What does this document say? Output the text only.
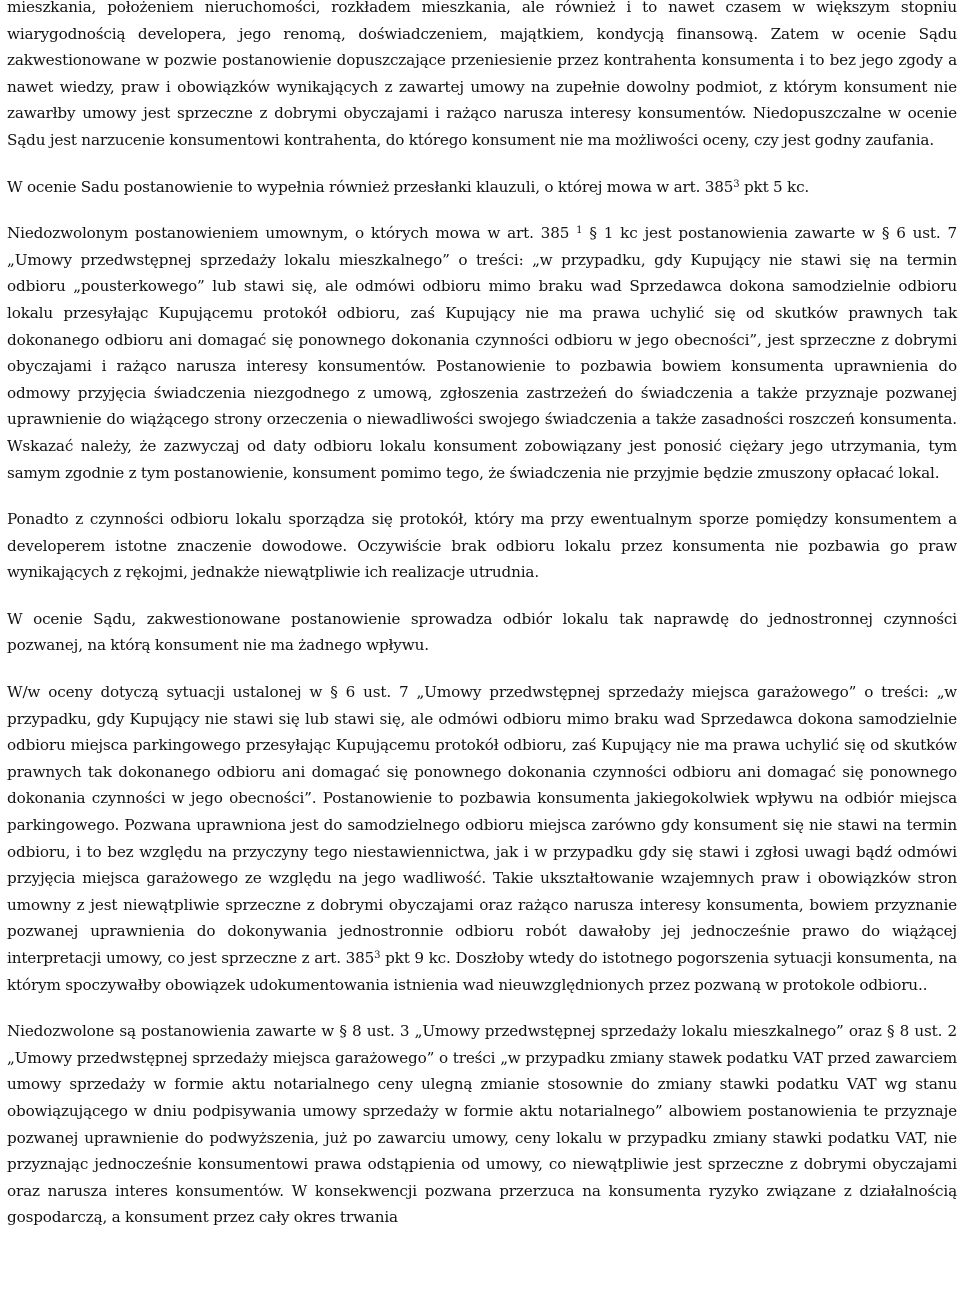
mieszkania, położeniem nieruchomości, rozkładem mieszkania, ale również i to nawet czasem w większym stopniu wiarygodnością developera, jego renomą, doświadczeniem, majątkiem, kondycją finansową. Zatem w ocenie Sądu zakwestionowane w pozwie postanowienie dopuszczające przeniesienie przez kontrahenta konsumenta i to bez jego zgody a nawet wiedzy, praw i obowiązków wynikających z zawartej umowy na zupełnie dowolny podmiot, z którym konsument nie zawarłby umowy jest sprzeczne z dobrymi obyczajami i rażąco narusza interesy konsumentów. Niedopuszczalne w ocenie Sądu jest narzucenie konsumentowi kontrahenta, do którego konsument nie ma możliwości oceny, czy jest godny zaufania.

W ocenie Sadu postanowienie to wypełnia również przesłanki klauzuli, o której mowa w art. $385^3$ pkt 5 kc.

Niedozwolonym postanowieniem umownym, o których mowa w art. 385 $^1$ § 1 kc jest postanowienia zawarte w § 6 ust. 7 „Umowy przedwstępnej sprzedaży lokalu mieszkalnego” o treści: „w przypadku, gdy Kupujący nie stawi się na termin odbioru „pousterkowego” lub stawi się, ale odmówi odbioru mimo braku wad Sprzedawca dokona samodzielnie odbioru lokalu przesyłając Kupującemu protokół odbioru, zaś Kupujący nie ma prawa uchylić się od skutków prawnych tak dokonanego odbioru ani domagać się ponownego dokonania czynności odbioru w jego obecności”, jest sprzeczne z dobrymi obyczajami i rażąco narusza interesy konsumentów. Postanowienie to pozbawia bowiem konsumenta uprawnienia do odmowy przyjęcia świadczenia niezgodnego z umową, zgłoszenia zastrzeżeń do świadczenia a także przyznaje pozwanej uprawnienie do wiążącego strony orzeczenia o niewadliwości swojego świadczenia a także zasadności roszczeń konsumenta. Wskazać należy, że zazwyczaj od daty odbioru lokalu konsument zobowiązany jest ponosić ciężary jego utrzymania, tym samym zgodnie z tym postanowienie, konsument pomimo tego, że świadczenia nie przyjmie będzie zmuszony opłacać lokal.

Ponadto z czynności odbioru lokalu sporządza się protokół, który ma przy ewentualnym sporze pomiędzy konsumentem a developerem istotne znaczenie dowodowe. Oczywiście brak odbioru lokalu przez konsumenta nie pozbawia go praw wynikających z rękojmi, jednakże niewątpliwie ich realizacje utrudnia.

W ocenie Sądu, zakwestionowane postanowienie sprowadza odbiór lokalu tak naprawdę do jednostronnej czynności pozwanej, na którą konsument nie ma żadnego wpływu.

W/w oceny dotyczą sytuacji ustalonej w § 6 ust. 7 „Umowy przedwstępnej sprzedaży miejsca garażowego” o treści: „w przypadku, gdy Kupujący nie stawi się lub stawi się, ale odmówi odbioru mimo braku wad Sprzedawca dokona samodzielnie odbioru miejsca parkingowego przesyłając Kupującemu protokół odbioru, zaś Kupujący nie ma prawa uchylić się od skutków prawnych tak dokonanego odbioru ani domagać się ponownego dokonania czynności odbioru ani domagać się ponownego dokonania czynności w jego obecności”. Postanowienie to pozbawia konsumenta jakiegokolwiek wpływu na odbiór miejsca parkingowego. Pozwana uprawniona jest do samodzielnego odbioru miejsca zarówno gdy konsument się nie stawi na termin odbioru, i to bez względu na przyczyny tego niestawiennictwa, jak i w przypadku gdy się stawi i zgłosi uwagi bądź odmówi przyjęcia miejsca garażowego ze względu na jego wadliwość. Takie ukształtowanie wzajemnych praw i obowiązków stron umowny z jest niewątpliwie sprzeczne z dobrymi obyczajami oraz rażąco narusza interesy konsumenta, bowiem przyznanie pozwanej uprawnienia do dokonywania jednostronnie odbioru robót dawałoby jej jednocześnie prawo do wiążącej interpretacji umowy, co jest sprzeczne z art. $385^3$ pkt 9 kc. Doszłoby wtedy do istotnego pogorszenia sytuacji konsumenta, na którym spoczywałby obowiązek udokumentowania istnienia wad nieuwzględnionych przez pozwaną w protokole odbioru..

Niedozwolone są postanowienia zawarte w § 8 ust. 3 „Umowy przedwstępnej sprzedaży lokalu mieszkalnego” oraz § 8 ust. 2 „Umowy przedwstępnej sprzedaży miejsca garażowego” o treści „w przypadku zmiany stawek podatku VAT przed zawarciem umowy sprzedaży w formie aktu notarialnego ceny ulegną zmianie stosownie do zmiany stawki podatku VAT wg stanu obowiązującego w dniu podpisywania umowy sprzedaży w formie aktu notarialnego” albowiem postanowienia te przyznaje pozwanej uprawnienie do podwyższenia, już po zawarciu umowy, ceny lokalu w przypadku zmiany stawki podatku VAT, nie przyznając jednocześnie konsumentowi prawa odstąpienia od umowy, co niewątpliwie jest sprzeczne z dobrymi obyczajami oraz narusza interes konsumentów. W konsekwencji pozwana przerzuca na konsumenta ryzyko związane z działalnością gospodarczą, a konsument przez cały okres trwania
